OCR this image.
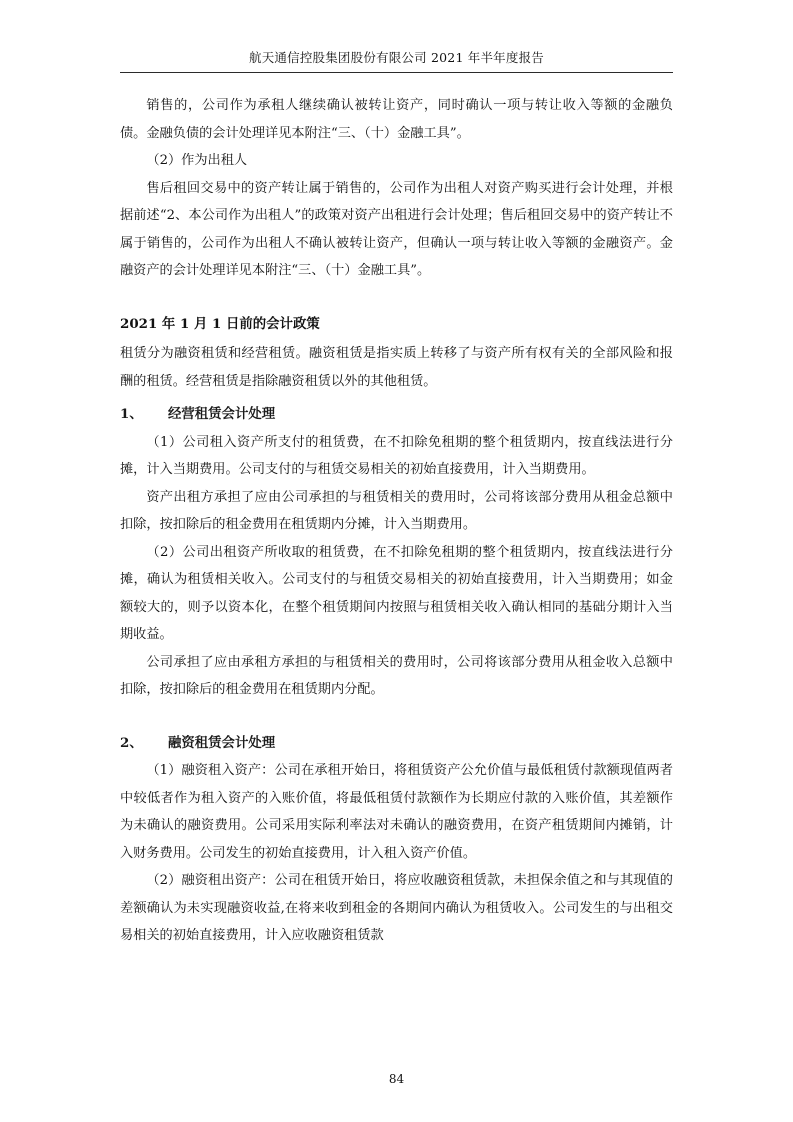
航天通信控股集团股份有限公司 2021 年半年度报告

销售的，公司作为承租人继续确认被转让资产，同时确认一项与转让收入等额的金融负债。金融负债的会计处理详见本附注“三、（十）金融工具”。

（2）作为出租人

售后租回交易中的资产转让属于销售的，公司作为出租人对资产购买进行会计处理，并根据前述“2、本公司作为出租人”的政策对资产出租进行会计处理；售后租回交易中的资产转让不属于销售的，公司作为出租人不确认被转让资产，但确认一项与转让收入等额的金融资产。金融资产的会计处理详见本附注“三、（十）金融工具”。

2021 年 1 月 1 日前的会计政策

租赁分为融资租赁和经营租赁。融资租赁是指实质上转移了与资产所有权有关的全部风险和报酬的租赁。经营租赁是指除融资租赁以外的其他租赁。

1、	经营租赁会计处理

（1）公司租入资产所支付的租赁费，在不扣除免租期的整个租赁期内，按直线法进行分摊，计入当期费用。公司支付的与租赁交易相关的初始直接费用，计入当期费用。

资产出租方承担了应由公司承担的与租赁相关的费用时，公司将该部分费用从租金总额中扣除，按扣除后的租金费用在租赁期内分摊，计入当期费用。

（2）公司出租资产所收取的租赁费，在不扣除免租期的整个租赁期内，按直线法进行分摊，确认为租赁相关收入。公司支付的与租赁交易相关的初始直接费用，计入当期费用；如金额较大的，则予以资本化，在整个租赁期间内按照与租赁相关收入确认相同的基础分期计入当期收益。

公司承担了应由承租方承担的与租赁相关的费用时，公司将该部分费用从租金收入总额中扣除，按扣除后的租金费用在租赁期内分配。

2、	融资租赁会计处理

（1）融资租入资产：公司在承租开始日，将租赁资产公允价值与最低租赁付款额现值两者中较低者作为租入资产的入账价值，将最低租赁付款额作为长期应付款的入账价值，其差额作为未确认的融资费用。公司采用实际利率法对未确认的融资费用，在资产租赁期间内摊销，计入财务费用。公司发生的初始直接费用，计入租入资产价值。

（2）融资租出资产：公司在租赁开始日，将应收融资租赁款，未担保余值之和与其现值的差额确认为未实现融资收益,在将来收到租金的各期间内确认为租赁收入。公司发生的与出租交易相关的初始直接费用，计入应收融资租赁款

84
